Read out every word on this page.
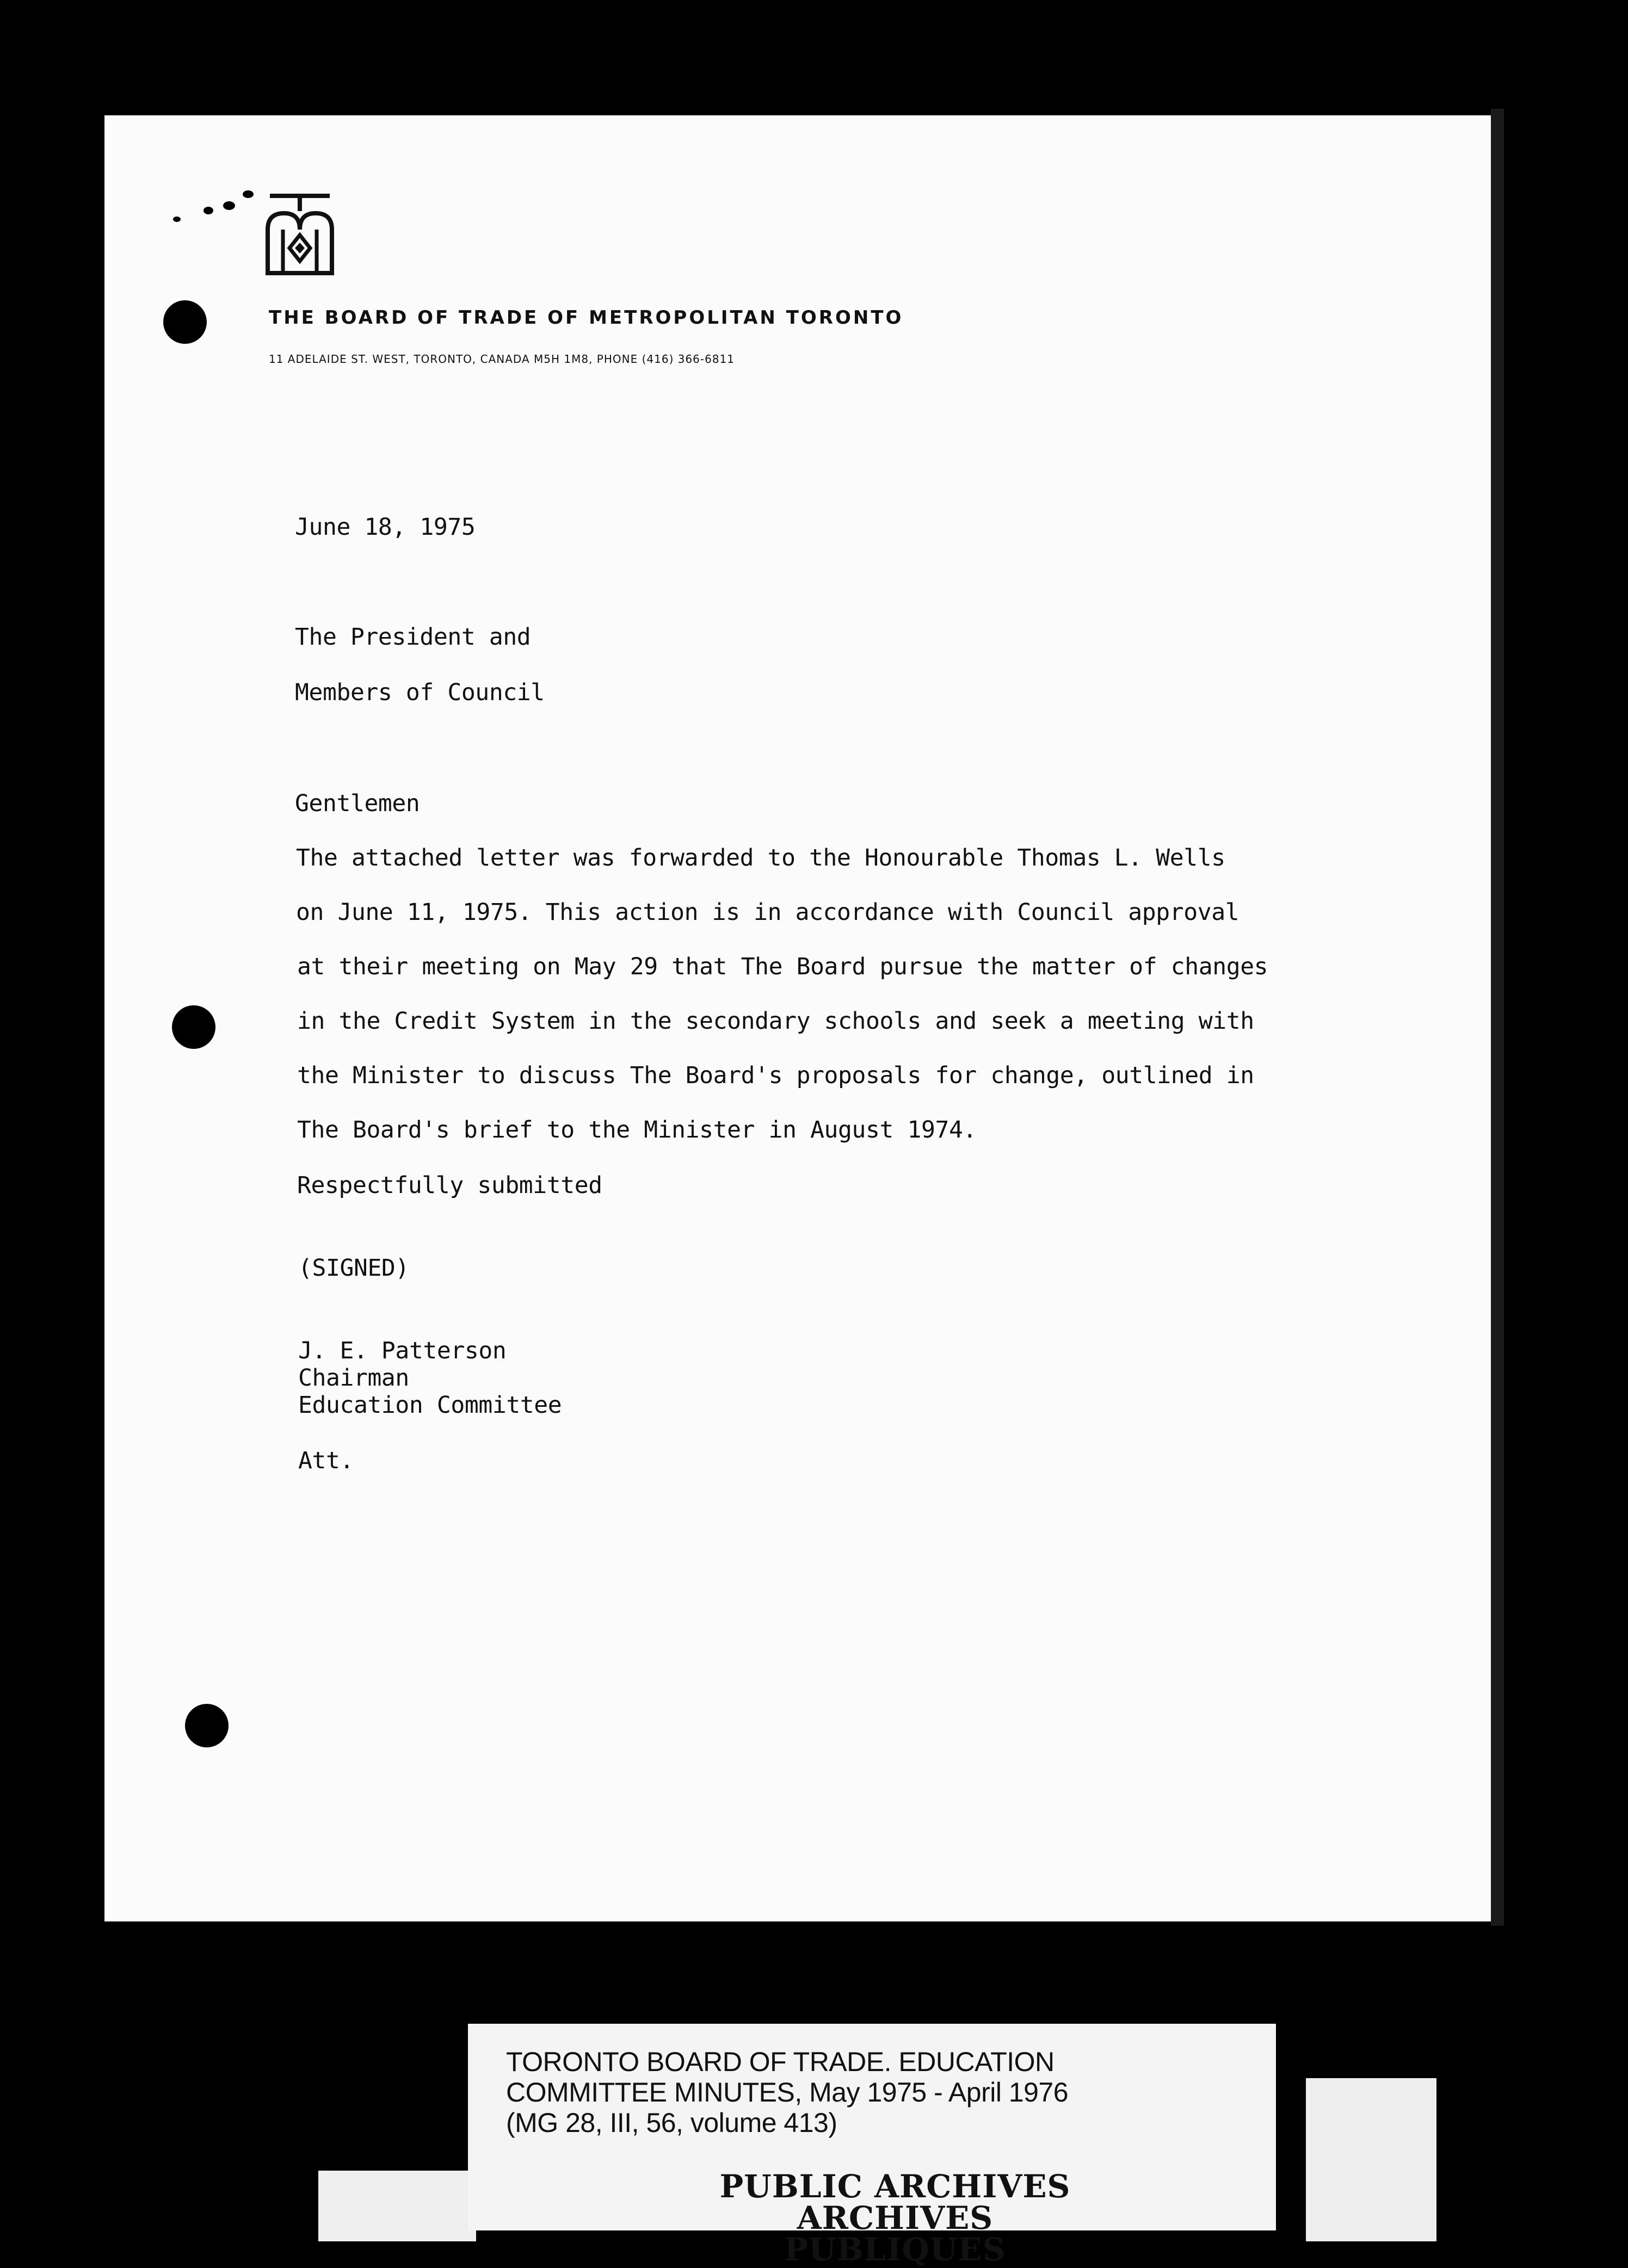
THE BOARD OF TRADE OF METROPOLITAN TORONTO
11 ADELAIDE ST. WEST, TORONTO, CANADA M5H 1M8, PHONE (416) 366-6811
June 18, 1975
The President and
Members of Council
Gentlemen
The attached letter was forwarded to the Honourable Thomas L. Wells
on June 11, 1975. This action is in accordance with Council approval
at their meeting on May 29 that The Board pursue the matter of changes
in the Credit System in the secondary schools and seek a meeting with
the Minister to discuss The Board's proposals for change, outlined in
The Board's brief to the Minister in August 1974.
Respectfully submitted
(SIGNED)
J. E. Patterson
Chairman
Education Committee
Att.
TORONTO BOARD OF TRADE. EDUCATION
COMMITTEE MINUTES, May 1975 - April 1976
(MG 28, III, 56, volume 413)
PUBLIC ARCHIVES
ARCHIVES PUBLIQUES
